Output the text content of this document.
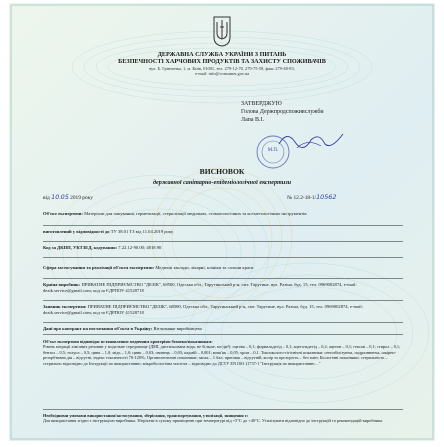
ДЕРЖАВНА СЛУЖБА УКРАЇНИ З ПИТАНЬ
БЕЗПЕЧНОСТІ ХАРЧОВИХ ПРОДУКТІВ ТА ЗАХИСТУ СПОЖИВАЧІВ
вул. Б. Грінченка, 1, м. Київ, 01001, тел. 279-12-70, 279-75-58, факс 279-48-83,
e-mail: info@consumer.gov.ua
ЗАТВЕРДЖУЮ
Голова Держпродспоживслужби
Лапа В.І.
М.П.
ВИСНОВОК
державної санітарно-епідеміологічної експертизи
від 10.05 2019 року	№ 12.2-18-1/10562
Об'єкт експертизи: Матеріали для пакування, герметизації, стерилізації медичних, стоматологічних та косметологічних інструментів
виготовлений у відповідності до ТУ 38.01 ТЗ від 11.04.2019 року
Код за ДКПП, УКТЗЕД, кодування: 7.22.12-90.00; 4818.90
Сфера застосування та реалізації об'єкта експертизи: Медичні заклади, лікарні, клініки та салони краси
Країна виробник: ПРИВАТНЕ ПІДПРИЄМСТВО "ДЕЗІК", 68500, Одеська обл., Тарутинський р-н, смт. Тарутине, вул. Разіна, буд. 15, тел. 0969002874, e-mail: dezik.service@gmail.com; код за ЄДРПОУ 41528718
Заявник експертизи: ПРИВАТНЕ ПІДПРИЄМСТВО "ДЕЗІК", 68500, Одеська обл., Тарутинський р-н, смт. Тарутине, вул. Разіна, буд. 15, тел. 0969002874, e-mail: dezik.service@gmail.com; код за ЄДРПОУ 41528718
Дані про контракт на постачання об'єкта в Україну: Вітчизняне виробництво
Об'єкт експертизи відповідає встановленим медичним критеріям безпеки/показникам:
Рівень міграції хімічних речовин у модельне середовище (ДМІ, дистильована вода, не більше, мг/дм³): оцтова – 0,1; формальдегід – 0,1; ацетальдегід – 0,2; ацетон – 0,1; гексан – 0,1; стирол – 0,1; бензол – 0,5; толуол – 0,5; цинк – 1,0; мідь – 1,0; цинк – 0,03; свинець – 0,03; кадмій – 0,001; миш'як – 0,05; хром – 0,1. Токсиколого-гігієнічні показники: сенсибілізуюча, подразнююча, шкірно-резорбтивна дія – відсутні, індекс токсичності 70-120%; Органолептичні показники: запах – 1 бал; присмак – відсутній, колір та прозорість – без змін; Біологічні показники: стерильність – стерильно відповідно до Інструкції по використанню; мікробіологічна чистота – відповідно до ДСТУ EN ISO 11737-1 "Інструкція по використанню…"
Необхідними умовами використання/застосування, зберігання, транспортування, утилізації, знищення є:
Для використання згідно з інструкцією виробника. Зберігати в сухому приміщенні при температурі від +5°С до +40°С. Утилізувати відповідно до інструкцій та рекомендацій виробника.
